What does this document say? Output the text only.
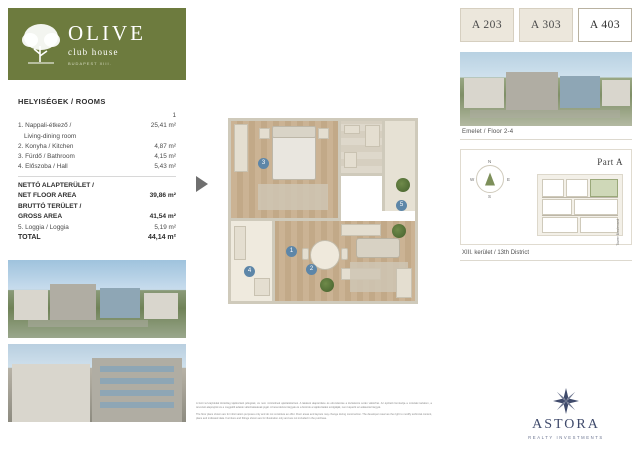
OLIVE
club house
BUDAPEST XIII.
HELYISÉGEK / ROOMS
1
1. Nappali-étkező /	25,41 m²
Living-dining room
2. Konyha / Kitchen	4,87 m²
3. Fürdő / Bathroom	4,15 m²
4. Előszoba / Hall	5,43 m²
NETTÓ ALAPTERÜLET /
NET FLOOR AREA	39,86 m²
BRUTTÓ TERÜLET /
GROSS AREA	41,54 m²
5. Loggia / Loggia	5,19 m²
TOTAL	44,14 m²
1
2
3
4
5
A 203	A 303	A 403
Emelet / Floor 2-4
Part A
N
E
S
W
Tower Boulevard
XIII. kerület / 13th District
A fenti tervrajzokkal kizárólag tájékoztató jellegűek, és nem minősülnek ajánlattételnek. A lakások alapterülete és elrendezése a kivitelezés során változhat. Az építtető fenntartja a műszaki tartalom, a tervezett alaprajzok és a megjelölt adatok változtatásának jogát. A berendezési tárgyak és a bútorok a tájékoztatást szolgálják, nem képezik az adásvétel tárgyát.
The floor plans shown are for information purposes only and do not constitute an offer. Floor areas and layouts may change during construction. The developer reserves the right to modify technical content, plans and indicated data. Furniture and fittings shown are for illustration only and are not included in the purchase.	ASTORA
REALTY INVESTMENTS
